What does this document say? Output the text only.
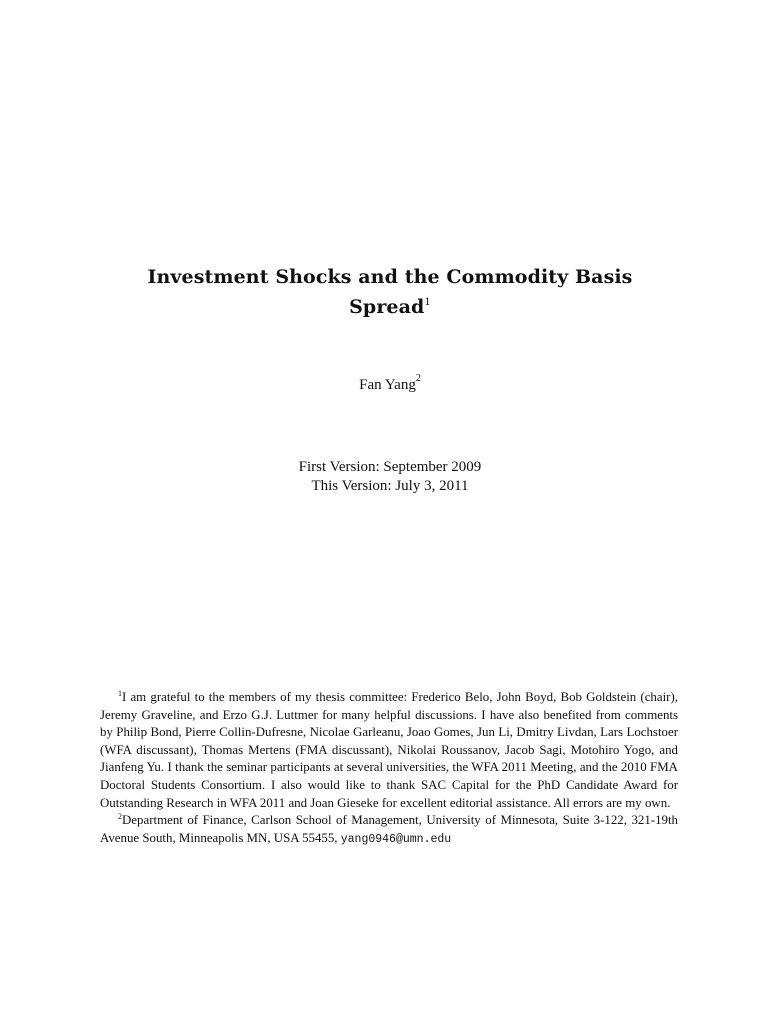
Investment Shocks and the Commodity Basis
Spread$^1$
Fan Yang$^2$
First Version: September 2009
This Version: July 3, 2011

$^1$I am grateful to the members of my thesis committee: Frederico Belo, John Boyd, Bob Goldstein (chair), Jeremy Graveline, and Erzo G.J. Luttmer for many helpful discussions. I have also benefited from comments by Philip Bond, Pierre Collin-Dufresne, Nicolae Garleanu, Joao Gomes, Jun Li, Dmitry Livdan, Lars Lochstoer (WFA discussant), Thomas Mertens (FMA discussant), Nikolai Roussanov, Jacob Sagi, Motohiro Yogo, and Jianfeng Yu. I thank the seminar participants at several universities, the WFA 2011 Meeting, and the 2010 FMA Doctoral Students Consortium. I also would like to thank SAC Capital for the PhD Candidate Award for Outstanding Research in WFA 2011 and Joan Gieseke for excellent editorial assistance. All errors are my own.

$^2$Department of Finance, Carlson School of Management, University of Minnesota, Suite 3-122, 321-19th Avenue South, Minneapolis MN, USA 55455, yang0946@umn.edu
